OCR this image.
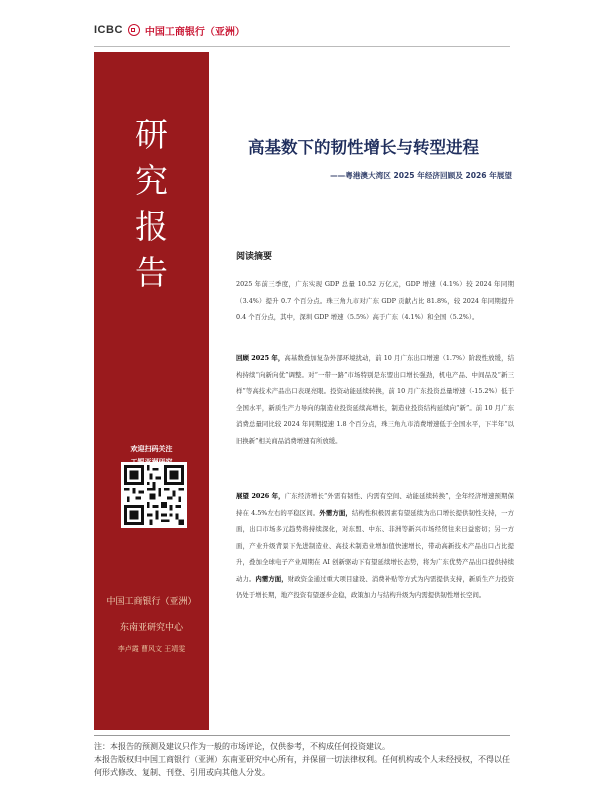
ICBC 中国工商银行（亚洲）
研
究
报
告
欢迎扫码关注
中国工商银行（亚洲）
东南亚研究中心
李卢霞 曹风文 王靖雯
高基数下的韧性增长与转型进程
——粤港澳大湾区 2025 年经济回顾及 2026 年展望
阅读摘要
2025 年前三季度，广东实现 GDP 总量 10.52 万亿元，GDP 增速（4.1%）较 2024 年同期（3.4%）提升 0.7 个百分点。珠三角九市对广东 GDP 贡献占比 81.8%，较 2024 年同期提升 0.4 个百分点，其中，深圳 GDP 增速（5.5%）高于广东（4.1%）和全国（5.2%）。
回顾 2025 年，高基数叠加复杂外部环境扰动，前 10 月广东出口增速（1.7%）阶段性放缓，结构持续“向新向优”调整。对“一带一路”市场特别是东盟出口增长强劲，机电产品、中间品及“新三样”等高技术产品出口表现亮眼。投资动能延续转换，前 10 月广东投资总量增速（-15.2%）低于全国水平，新质生产力导向的制造业投资延续高增长，制造业投资结构延续向“新”。前 10 月广东消费总量同比较 2024 年同期提速 1.8 个百分点，珠三角九市消费增速低于全国水平，下半年“以旧换新”相关商品消费增速有所放缓。
展望 2026 年，广东经济增长“外需有韧性、内需有空间、动能延续转换”，全年经济增速预期保持在 4.5%左右的平稳区间。外需方面，结构性积极因素有望延续为出口增长提供韧性支持，一方面，出口市场多元趋势将持续深化，对东盟、中东、非洲等新兴市场经贸往来日益密切；另一方面，产业升级背景下先进制造业、高技术制造业增加值快速增长，带动高新技术产品出口占比提升，叠加全球电子产业周期在 AI 创新驱动下有望延续增长态势，将为广东优势产品出口提供持续动力。内需方面，财政资金通过重大项目建设、消费补贴等方式为内需提供支持，新质生产力投资仍处于增长期，地产投资有望逐步企稳，政策加力与结构升级为内需提供韧性增长空间。
注：本报告的预测及建议只作为一般的市场评论，仅供参考，不构成任何投资建议。
本报告版权归中国工商银行（亚洲）东南亚研究中心所有，并保留一切法律权利。任何机构或个人未经授权，不得以任何形式修改、复制、刊登、引用或向其他人分发。
